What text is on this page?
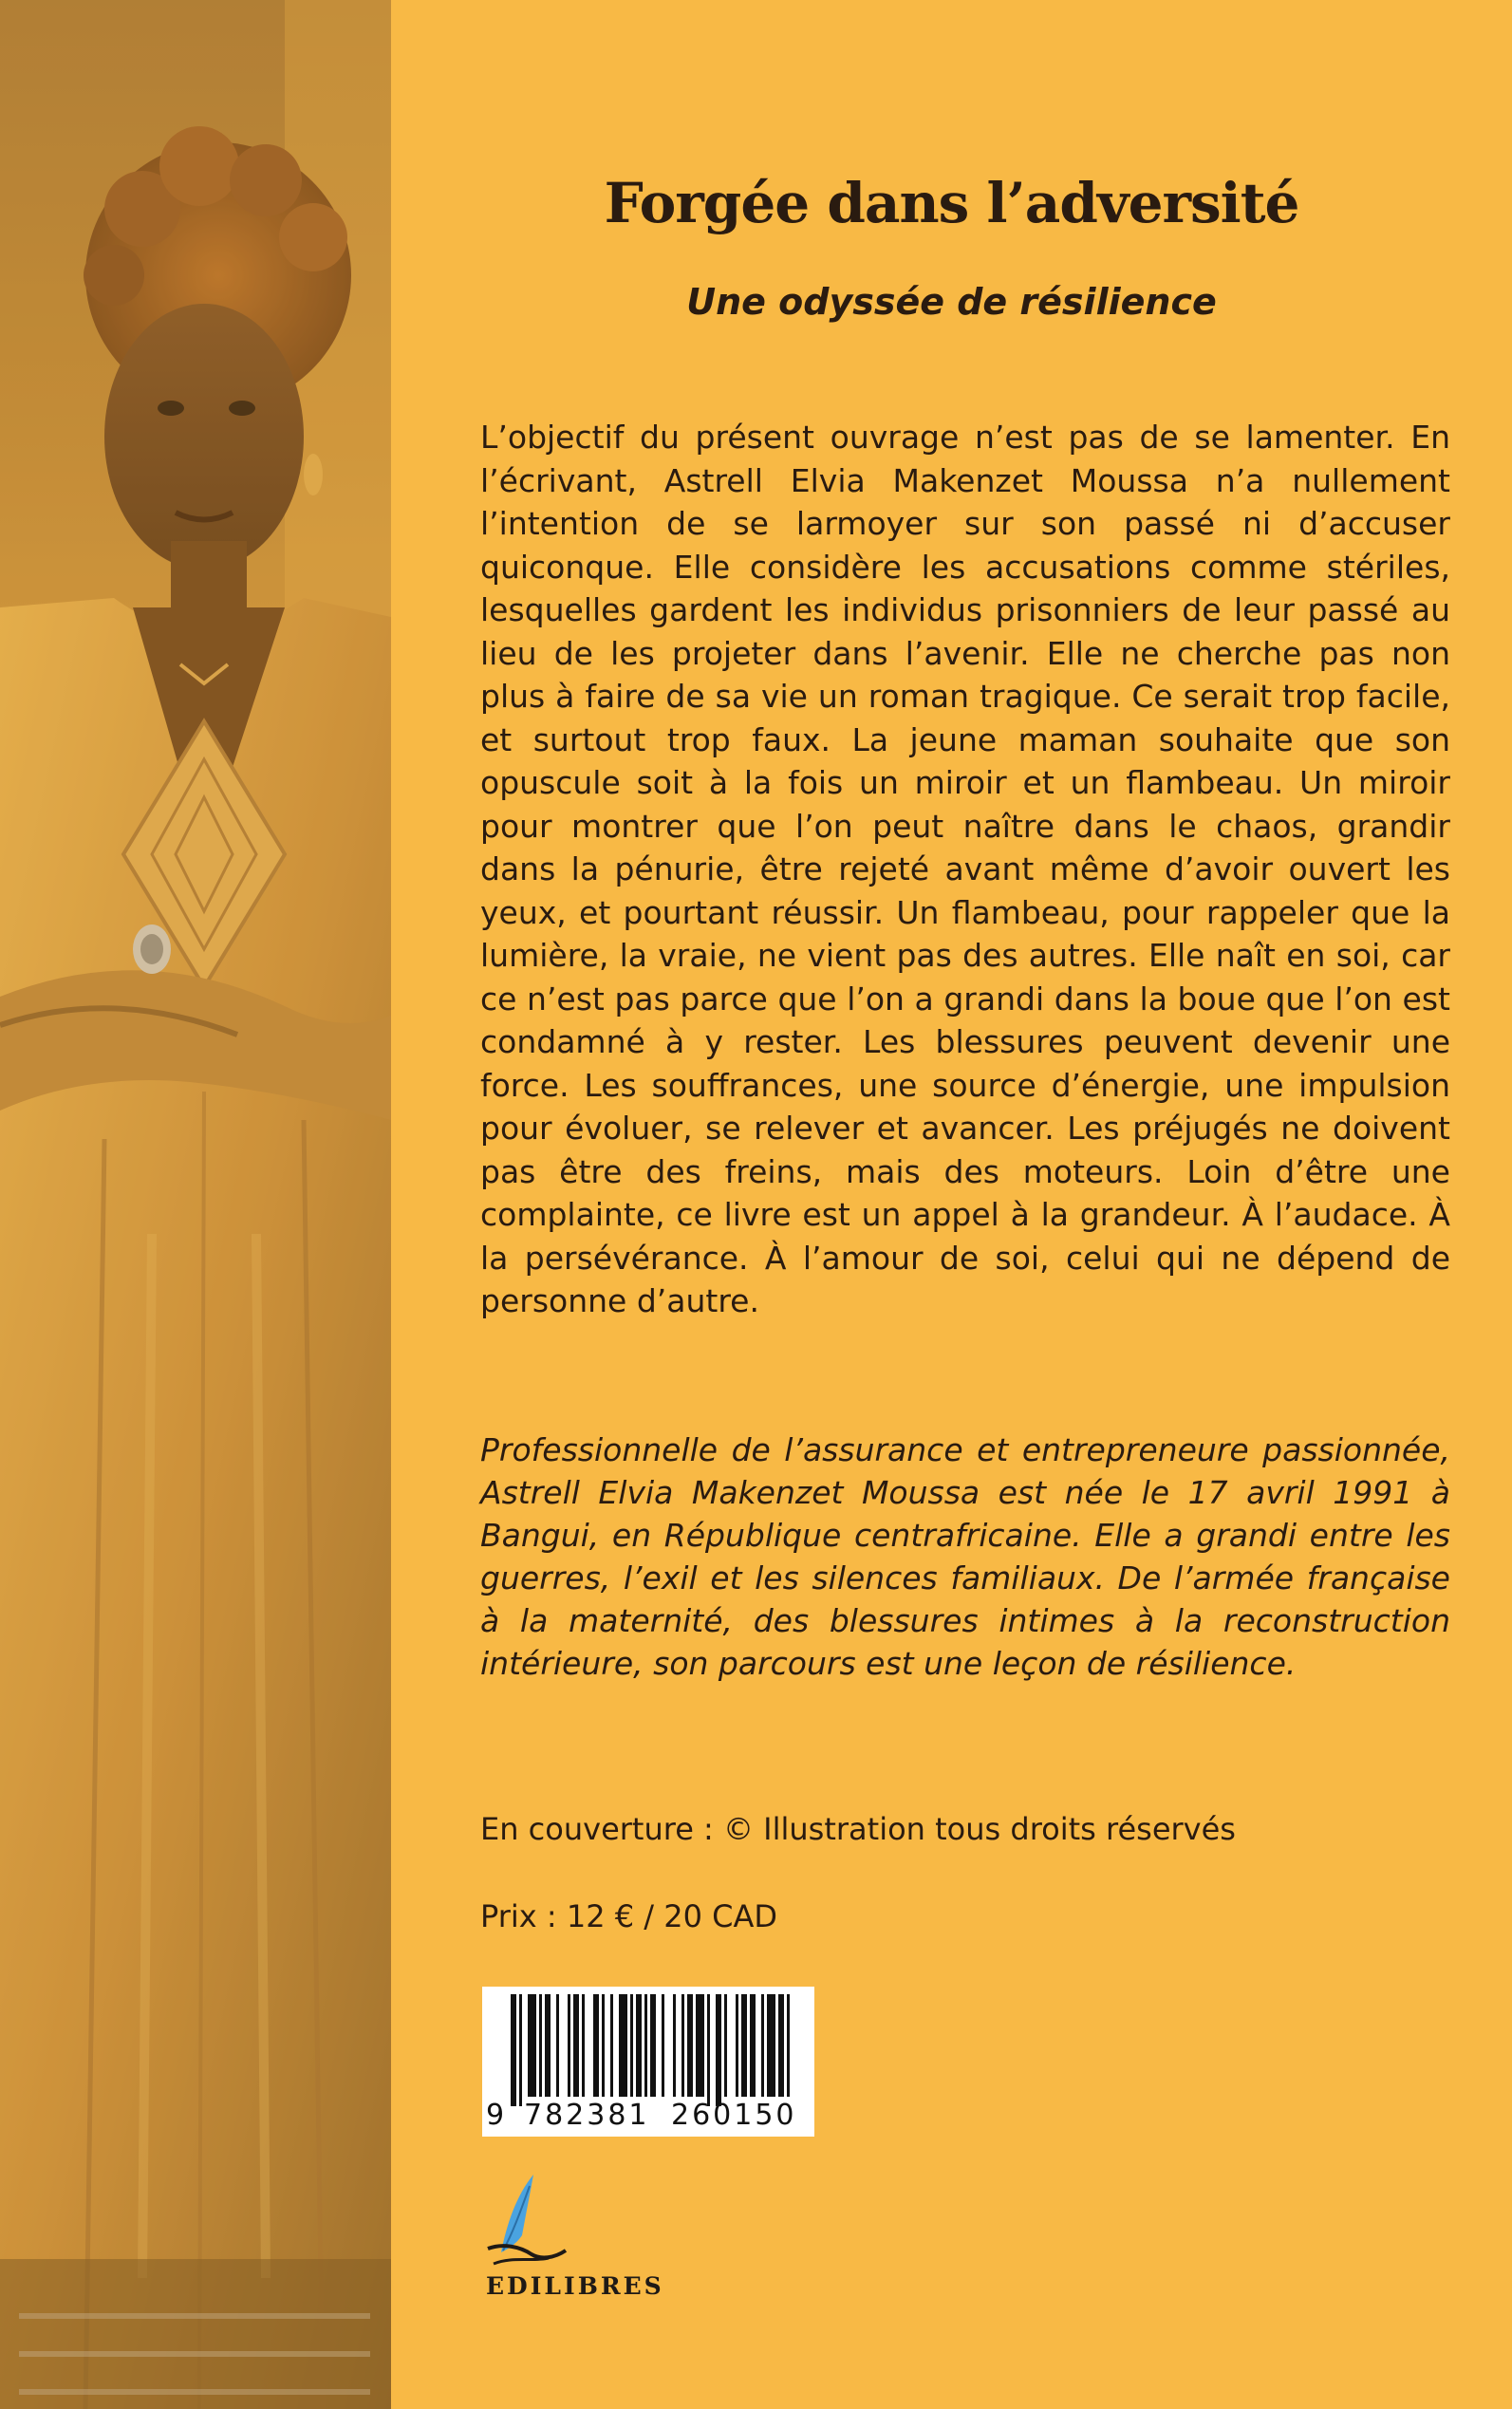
Forgée dans l’adversité
Une odyssée de résilience

L’objectif du présent ouvrage n’est pas de se lamenter. En l’écrivant, Astrell Elvia Makenzet Moussa n’a nullement l’intention de se larmoyer sur son passé ni d’accuser quiconque. Elle considère les accusations comme stériles, lesquelles gardent les individus prisonniers de leur passé au lieu de les projeter dans l’avenir. Elle ne cherche pas non plus à faire de sa vie un roman tragique. Ce serait trop facile, et surtout trop faux. La jeune maman souhaite que son opuscule soit à la fois un miroir et un flambeau. Un miroir pour montrer que l’on peut naître dans le chaos, grandir dans la pénurie, être rejeté avant même d’avoir ouvert les yeux, et pourtant réussir. Un flambeau, pour rappeler que la lumière, la vraie, ne vient pas des autres. Elle naît en soi, car ce n’est pas parce que l’on a grandi dans la boue que l’on est condamné à y rester. Les blessures peuvent devenir une force. Les souffrances, une source d’énergie, une impulsion pour évoluer, se relever et avancer. Les préjugés ne doivent pas être des freins, mais des moteurs. Loin d’être une complainte, ce livre est un appel à la grandeur. À l’audace. À la persévérance. À l’amour de soi, celui qui ne dépend de personne d’autre.

Professionnelle de l’assurance et entrepreneure passionnée, Astrell Elvia Makenzet Moussa est née le 17 avril 1991 à Bangui, en République centrafricaine. Elle a grandi entre les guerres, l’exil et les silences familiaux. De l’armée française à la maternité, des blessures intimes à la reconstruction intérieure, son parcours est une leçon de résilience.

En couverture : © Illustration tous droits réservés

Prix : 12 € / 20 CAD

9 782381 260150
EDILIBRES
